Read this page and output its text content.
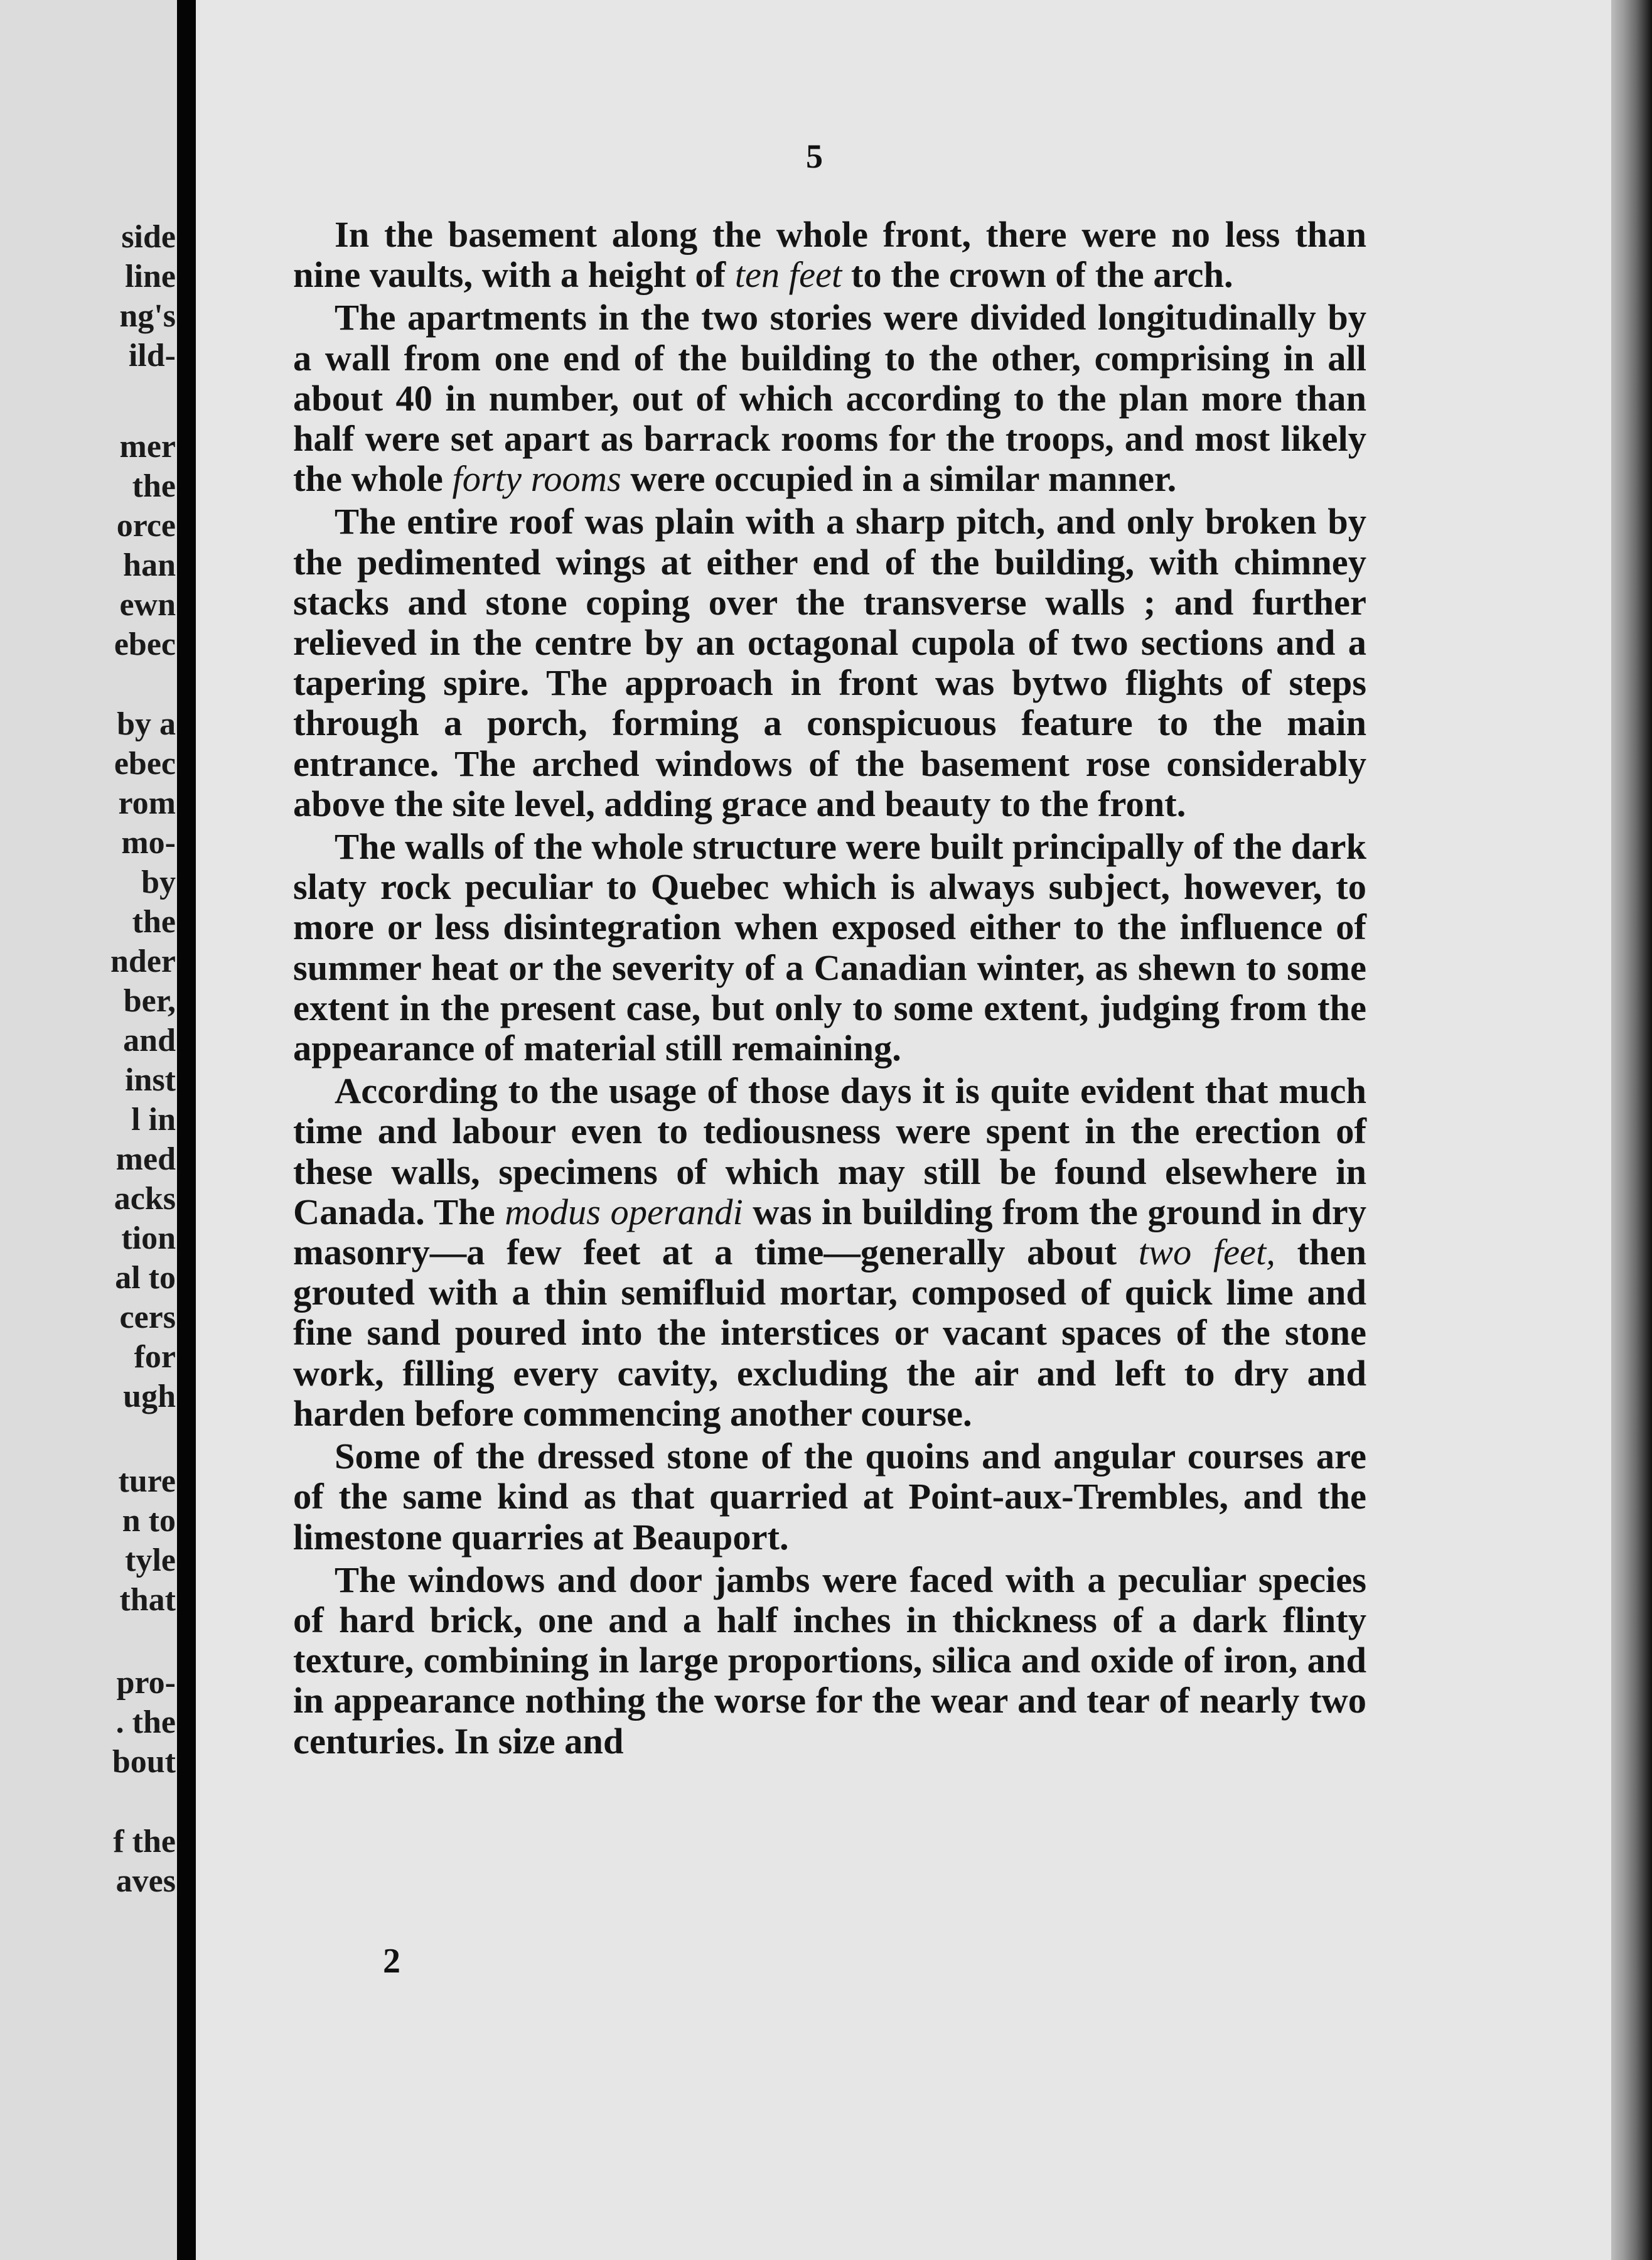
side
line
ng's
ild-
mer
the
orce
han
ewn
ebec
by a
ebec
rom
mo-
by
the
nder
ber,
and
inst
l in
med
acks
tion
al to
cers
for
ugh
ture
n to
tyle
that
pro-
. the
bout
f the
aves

5

In the basement along the whole front, there were no less than nine vaults, with a height of ten feet to the crown of the arch.

The apartments in the two stories were divided longitudinally by a wall from one end of the building to the other, comprising in all about 40 in number, out of which according to the plan more than half were set apart as barrack rooms for the troops, and most likely the whole forty rooms were occupied in a similar manner.

The entire roof was plain with a sharp pitch, and only broken by the pedimented wings at either end of the building, with chimney stacks and stone coping over the transverse walls ; and further relieved in the centre by an octagonal cupola of two sections and a tapering spire. The approach in front was bytwo flights of steps through a porch, forming a conspicuous feature to the main entrance. The arched windows of the basement rose considerably above the site level, adding grace and beauty to the front.

The walls of the whole structure were built principally of the dark slaty rock peculiar to Quebec which is always subject, however, to more or less disintegration when exposed either to the influence of summer heat or the severity of a Canadian winter, as shewn to some extent in the present case, but only to some extent, judging from the appearance of material still remaining.

According to the usage of those days it is quite evident that much time and labour even to tediousness were spent in the erection of these walls, specimens of which may still be found elsewhere in Canada. The modus operandi was in building from the ground in dry masonry—a few feet at a time—generally about two feet, then grouted with a thin semifluid mortar, composed of quick lime and fine sand poured into the interstices or vacant spaces of the stone work, filling every cavity, excluding the air and left to dry and harden before commencing another course.

Some of the dressed stone of the quoins and angular courses are of the same kind as that quarried at Point-aux-Trembles, and the limestone quarries at Beauport.

The windows and door jambs were faced with a peculiar species of hard brick, one and a half inches in thickness of a dark flinty texture, combining in large proportions, silica and oxide of iron, and in appearance nothing the worse for the wear and tear of nearly two centuries. In size and

2
